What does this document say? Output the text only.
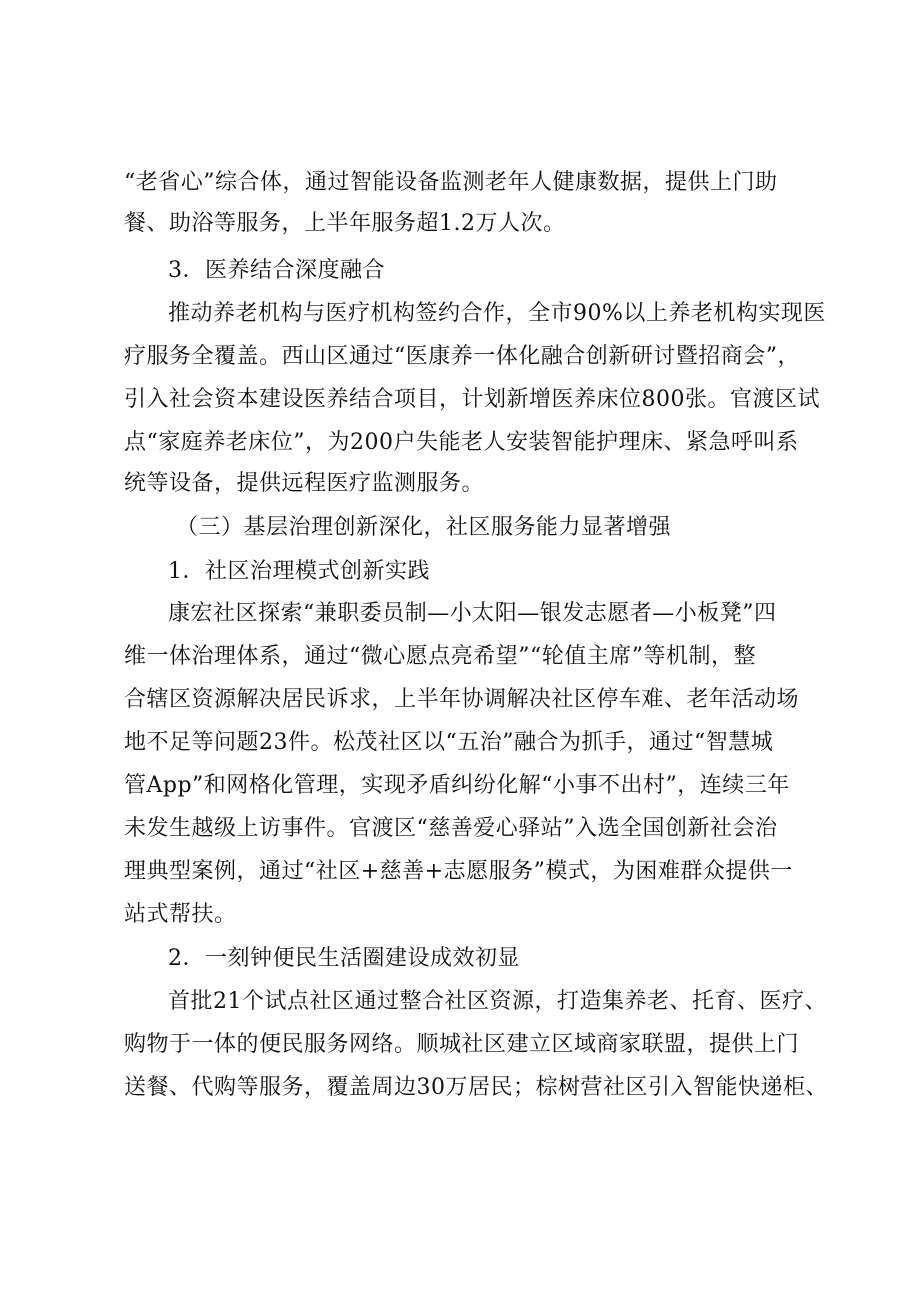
“老省心”综合体，通过智能设备监测老年人健康数据，提供上门助
餐、助浴等服务，上半年服务超1.2万人次。
3．医养结合深度融合
推动养老机构与医疗机构签约合作，全市90%以上养老机构实现医
疗服务全覆盖。西山区通过“医康养一体化融合创新研讨暨招商会”，
引入社会资本建设医养结合项目，计划新增医养床位800张。官渡区试
点“家庭养老床位”，为200户失能老人安装智能护理床、紧急呼叫系
统等设备，提供远程医疗监测服务。
（三）基层治理创新深化，社区服务能力显著增强
1．社区治理模式创新实践
康宏社区探索“兼职委员制—小太阳—银发志愿者—小板凳”四
维一体治理体系，通过“微心愿点亮希望”“轮值主席”等机制，整
合辖区资源解决居民诉求，上半年协调解决社区停车难、老年活动场
地不足等问题23件。松茂社区以“五治”融合为抓手，通过“智慧城
管App”和网格化管理，实现矛盾纠纷化解“小事不出村”，连续三年
未发生越级上访事件。官渡区“慈善爱心驿站”入选全国创新社会治
理典型案例，通过“社区+慈善+志愿服务”模式，为困难群众提供一
站式帮扶。
2．一刻钟便民生活圈建设成效初显
首批21个试点社区通过整合社区资源，打造集养老、托育、医疗、
购物于一体的便民服务网络。顺城社区建立区域商家联盟，提供上门
送餐、代购等服务，覆盖周边30万居民；棕树营社区引入智能快递柜、
